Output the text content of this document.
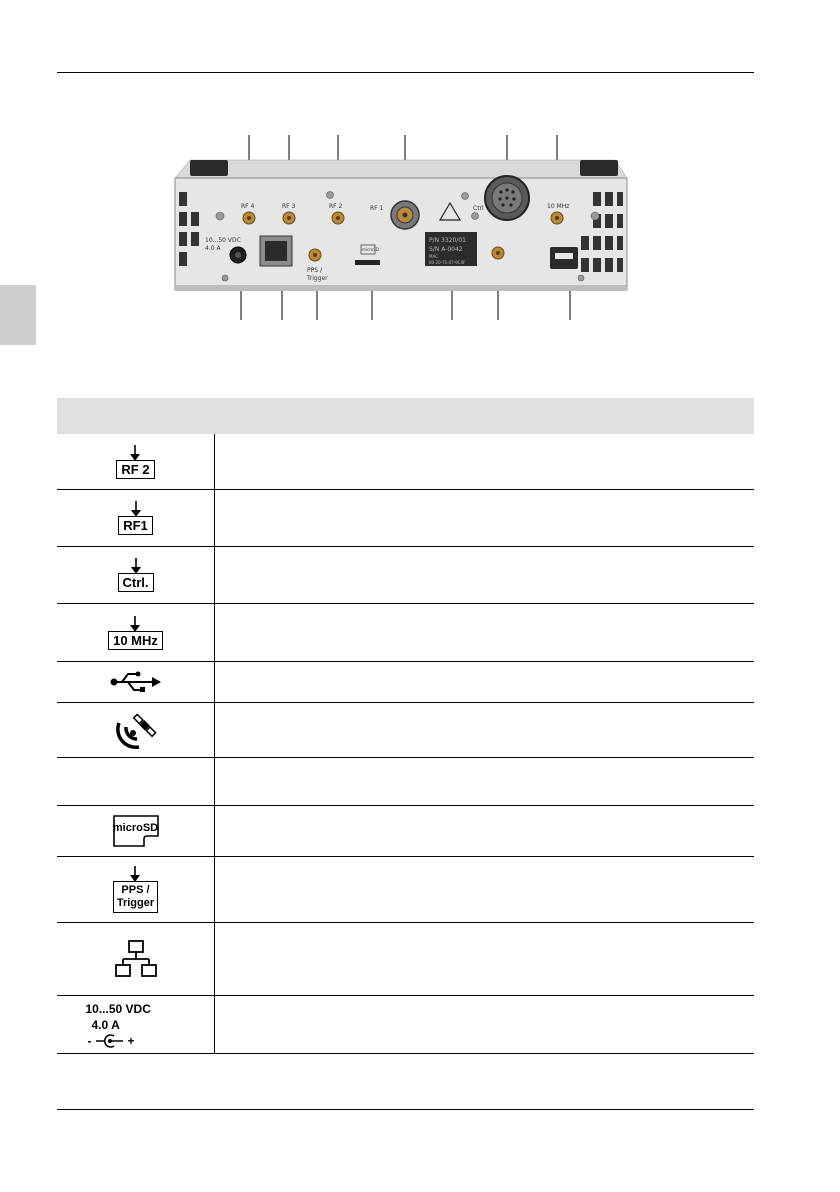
RF 4	RF 3	RF 2	RF 1	Ctrl	10 MHz
10...50 VDC
4.0 A
PPS /
Trigger
microSD
P/N 3320/01
S/N A-0042
MAC
00-20-71-07-9C4F
RF 2
RF1
Ctrl.
10 MHz
microSD
PPS /
Trigger
10...50 VDC
4.0 A
-	+
